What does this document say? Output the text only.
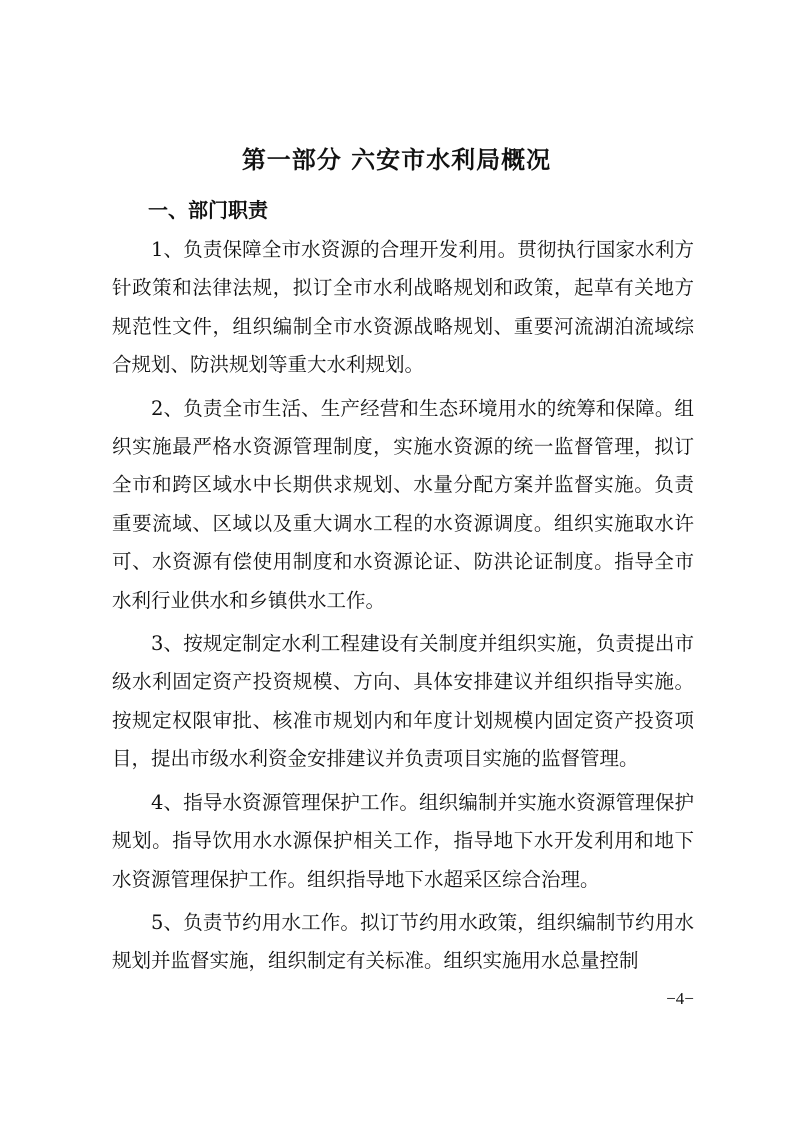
第一部分 六安市水利局概况
一、部门职责

1、负责保障全市水资源的合理开发利用。贯彻执行国家水利方针政策和法律法规，拟订全市水利战略规划和政策，起草有关地方规范性文件，组织编制全市水资源战略规划、重要河流湖泊流域综合规划、防洪规划等重大水利规划。

2、负责全市生活、生产经营和生态环境用水的统筹和保障。组织实施最严格水资源管理制度，实施水资源的统一监督管理，拟订全市和跨区域水中长期供求规划、水量分配方案并监督实施。负责重要流域、区域以及重大调水工程的水资源调度。组织实施取水许可、水资源有偿使用制度和水资源论证、防洪论证制度。指导全市水利行业供水和乡镇供水工作。

3、按规定制定水利工程建设有关制度并组织实施，负责提出市级水利固定资产投资规模、方向、具体安排建议并组织指导实施。按规定权限审批、核准市规划内和年度计划规模内固定资产投资项目，提出市级水利资金安排建议并负责项目实施的监督管理。

4、指导水资源管理保护工作。组织编制并实施水资源管理保护规划。指导饮用水水源保护相关工作，指导地下水开发利用和地下水资源管理保护工作。组织指导地下水超采区综合治理。

5、负责节约用水工作。拟订节约用水政策，组织编制节约用水规划并监督实施，组织制定有关标准。组织实施用水总量控制

−4−
